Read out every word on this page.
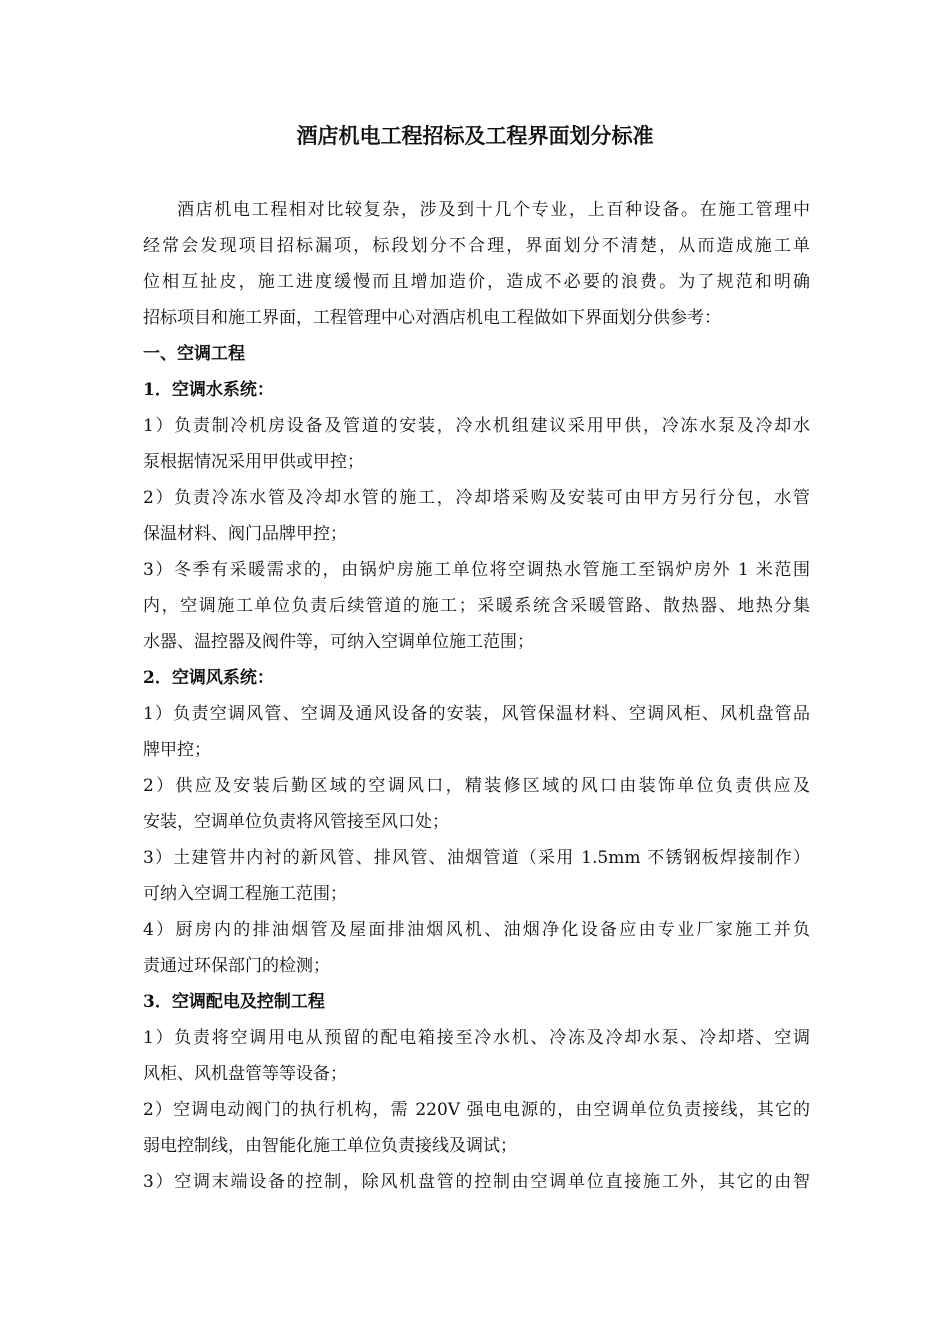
酒店机电工程招标及工程界面划分标准
酒店机电工程相对比较复杂，涉及到十几个专业，上百种设备。在施工管理中
经常会发现项目招标漏项，标段划分不合理，界面划分不清楚，从而造成施工单
位相互扯皮，施工进度缓慢而且增加造价，造成不必要的浪费。为了规范和明确
招标项目和施工界面，工程管理中心对酒店机电工程做如下界面划分供参考：
一、空调工程
1．空调水系统：
1）负责制冷机房设备及管道的安装，冷水机组建议采用甲供，冷冻水泵及冷却水
泵根据情况采用甲供或甲控；
2）负责冷冻水管及冷却水管的施工，冷却塔采购及安装可由甲方另行分包，水管
保温材料、阀门品牌甲控；
3）冬季有采暖需求的，由锅炉房施工单位将空调热水管施工至锅炉房外 1 米范围
内，空调施工单位负责后续管道的施工；采暖系统含采暖管路、散热器、地热分集
水器、温控器及阀件等，可纳入空调单位施工范围；
2．空调风系统：
1）负责空调风管、空调及通风设备的安装，风管保温材料、空调风柜、风机盘管品
牌甲控；
2）供应及安装后勤区域的空调风口，精装修区域的风口由装饰单位负责供应及
安装，空调单位负责将风管接至风口处；
3）土建管井内衬的新风管、排风管、油烟管道（采用 1.5mm 不锈钢板焊接制作）
可纳入空调工程施工范围；
4）厨房内的排油烟管及屋面排油烟风机、油烟净化设备应由专业厂家施工并负
责通过环保部门的检测；
3．空调配电及控制工程
1）负责将空调用电从预留的配电箱接至冷水机、冷冻及冷却水泵、冷却塔、空调
风柜、风机盘管等等设备；
2）空调电动阀门的执行机构，需 220V 强电电源的，由空调单位负责接线，其它的
弱电控制线，由智能化施工单位负责接线及调试；
3）空调末端设备的控制，除风机盘管的控制由空调单位直接施工外，其它的由智
